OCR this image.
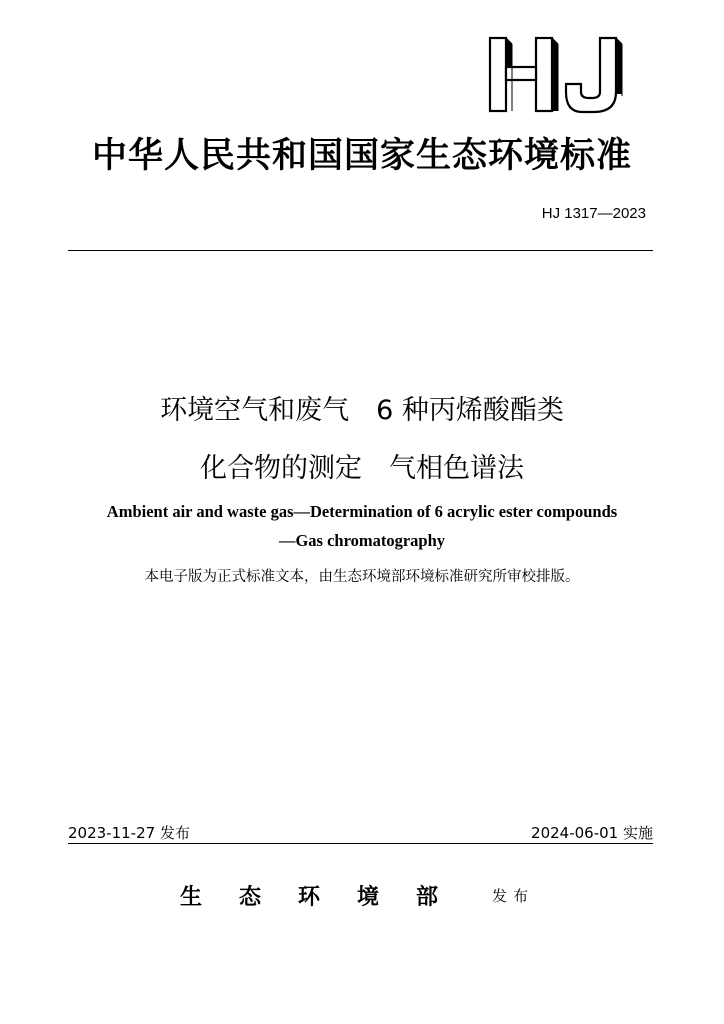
HJ
中华人民共和国国家生态环境标准
HJ 1317—2023
环境空气和废气　6 种丙烯酸酯类
化合物的测定　气相色谱法
Ambient air and waste gas—Determination of 6 acrylic ester compounds
—Gas chromatography
本电子版为正式标准文本，由生态环境部环境标准研究所审校排版。
2023-11-27 发布	2024-06-01 实施
生态环境部 发布
